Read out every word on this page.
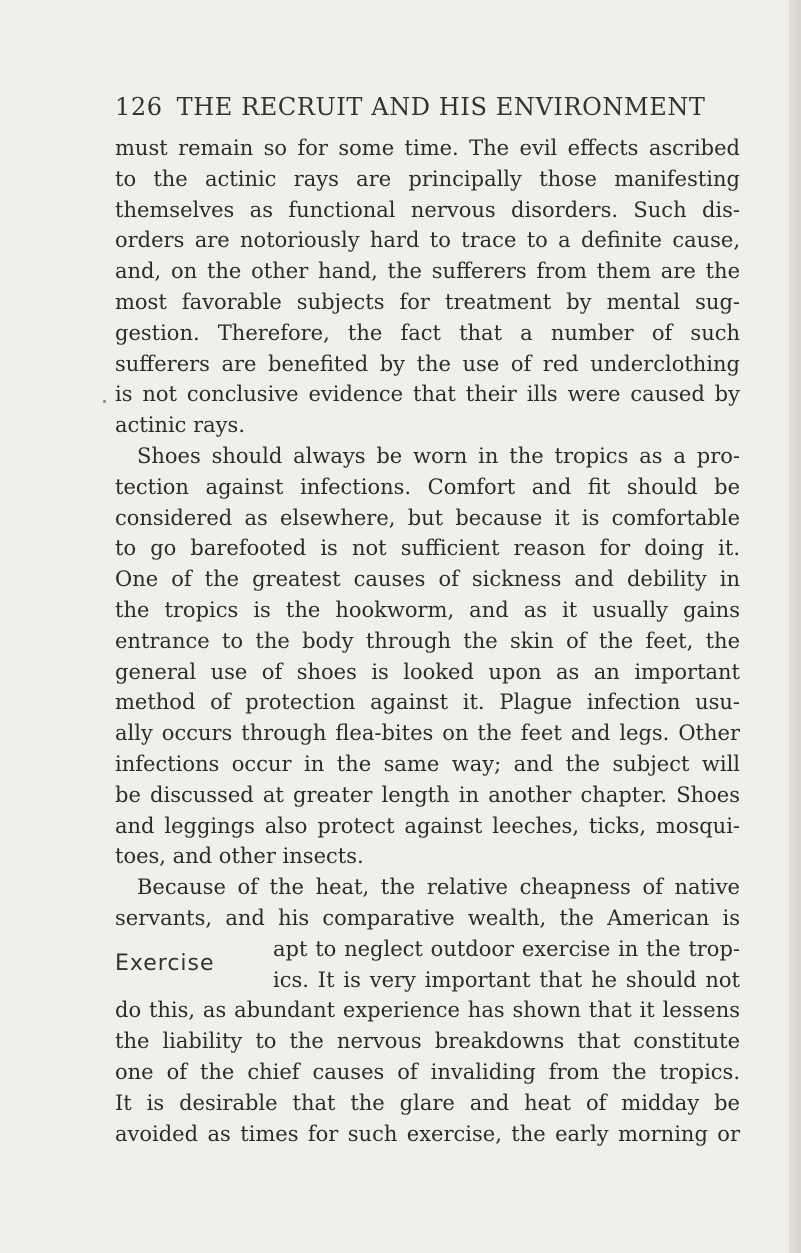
126 THE RECRUIT AND HIS ENVIRONMENT
must remain so for some time. The evil effects ascribed
to the actinic rays are principally those manifesting
themselves as functional nervous disorders. Such dis-
orders are notoriously hard to trace to a definite cause,
and, on the other hand, the sufferers from them are the
most favorable subjects for treatment by mental sug-
gestion. Therefore, the fact that a number of such
sufferers are benefited by the use of red underclothing
is not conclusive evidence that their ills were caused by
actinic rays.
Shoes should always be worn in the tropics as a pro-
tection against infections. Comfort and fit should be
considered as elsewhere, but because it is comfortable
to go barefooted is not sufficient reason for doing it.
One of the greatest causes of sickness and debility in
the tropics is the hookworm, and as it usually gains
entrance to the body through the skin of the feet, the
general use of shoes is looked upon as an important
method of protection against it. Plague infection usu-
ally occurs through flea-bites on the feet and legs. Other
infections occur in the same way; and the subject will
be discussed at greater length in another chapter. Shoes
and leggings also protect against leeches, ticks, mosqui-
toes, and other insects.
Because of the heat, the relative cheapness of native
servants, and his comparative wealth, the American is
Exercise
apt to neglect outdoor exercise in the trop-
ics. It is very important that he should not
do this, as abundant experience has shown that it lessens
the liability to the nervous breakdowns that constitute
one of the chief causes of invaliding from the tropics.
It is desirable that the glare and heat of midday be
avoided as times for such exercise, the early morning or
